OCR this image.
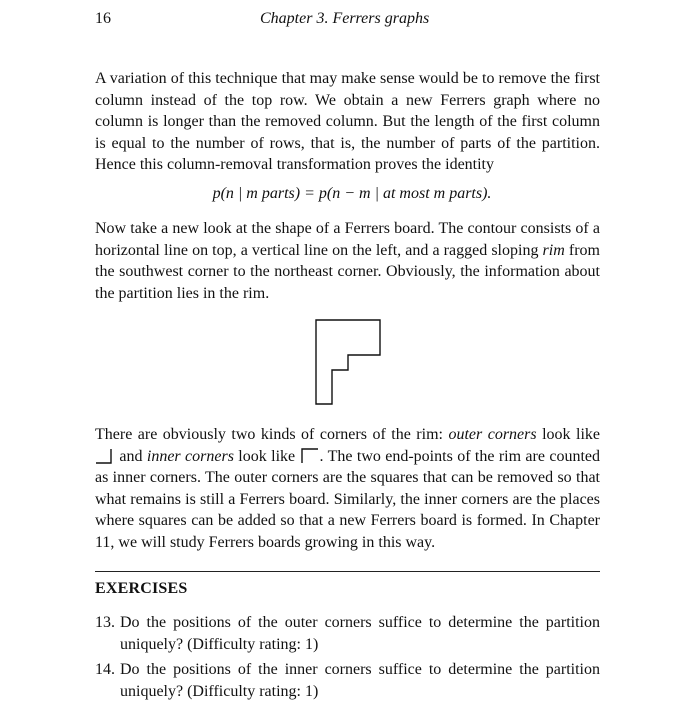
16	Chapter 3. Ferrers graphs
A variation of this technique that may make sense would be to remove the first column instead of the top row. We obtain a new Ferrers graph where no column is longer than the removed column. But the length of the first column is equal to the number of rows, that is, the number of parts of the partition. Hence this column-removal transformation proves the identity
p(n | m parts) = p(n − m | at most m parts).
Now take a new look at the shape of a Ferrers board. The contour consists of a horizontal line on top, a vertical line on the left, and a ragged sloping rim from the southwest corner to the northeast corner. Obviously, the information about the partition lies in the rim.
There are obviously two kinds of corners of the rim: outer corners look like  and inner corners look like . The two end-points of the rim are counted as inner corners. The outer corners are the squares that can be removed so that what remains is still a Ferrers board. Similarly, the inner corners are the places where squares can be added so that a new Ferrers board is formed. In Chapter 11, we will study Ferrers boards growing in this way.
EXERCISES
13. Do the positions of the outer corners suffice to determine the partition uniquely? (Difficulty rating: 1)
14. Do the positions of the inner corners suffice to determine the partition uniquely? (Difficulty rating: 1)
